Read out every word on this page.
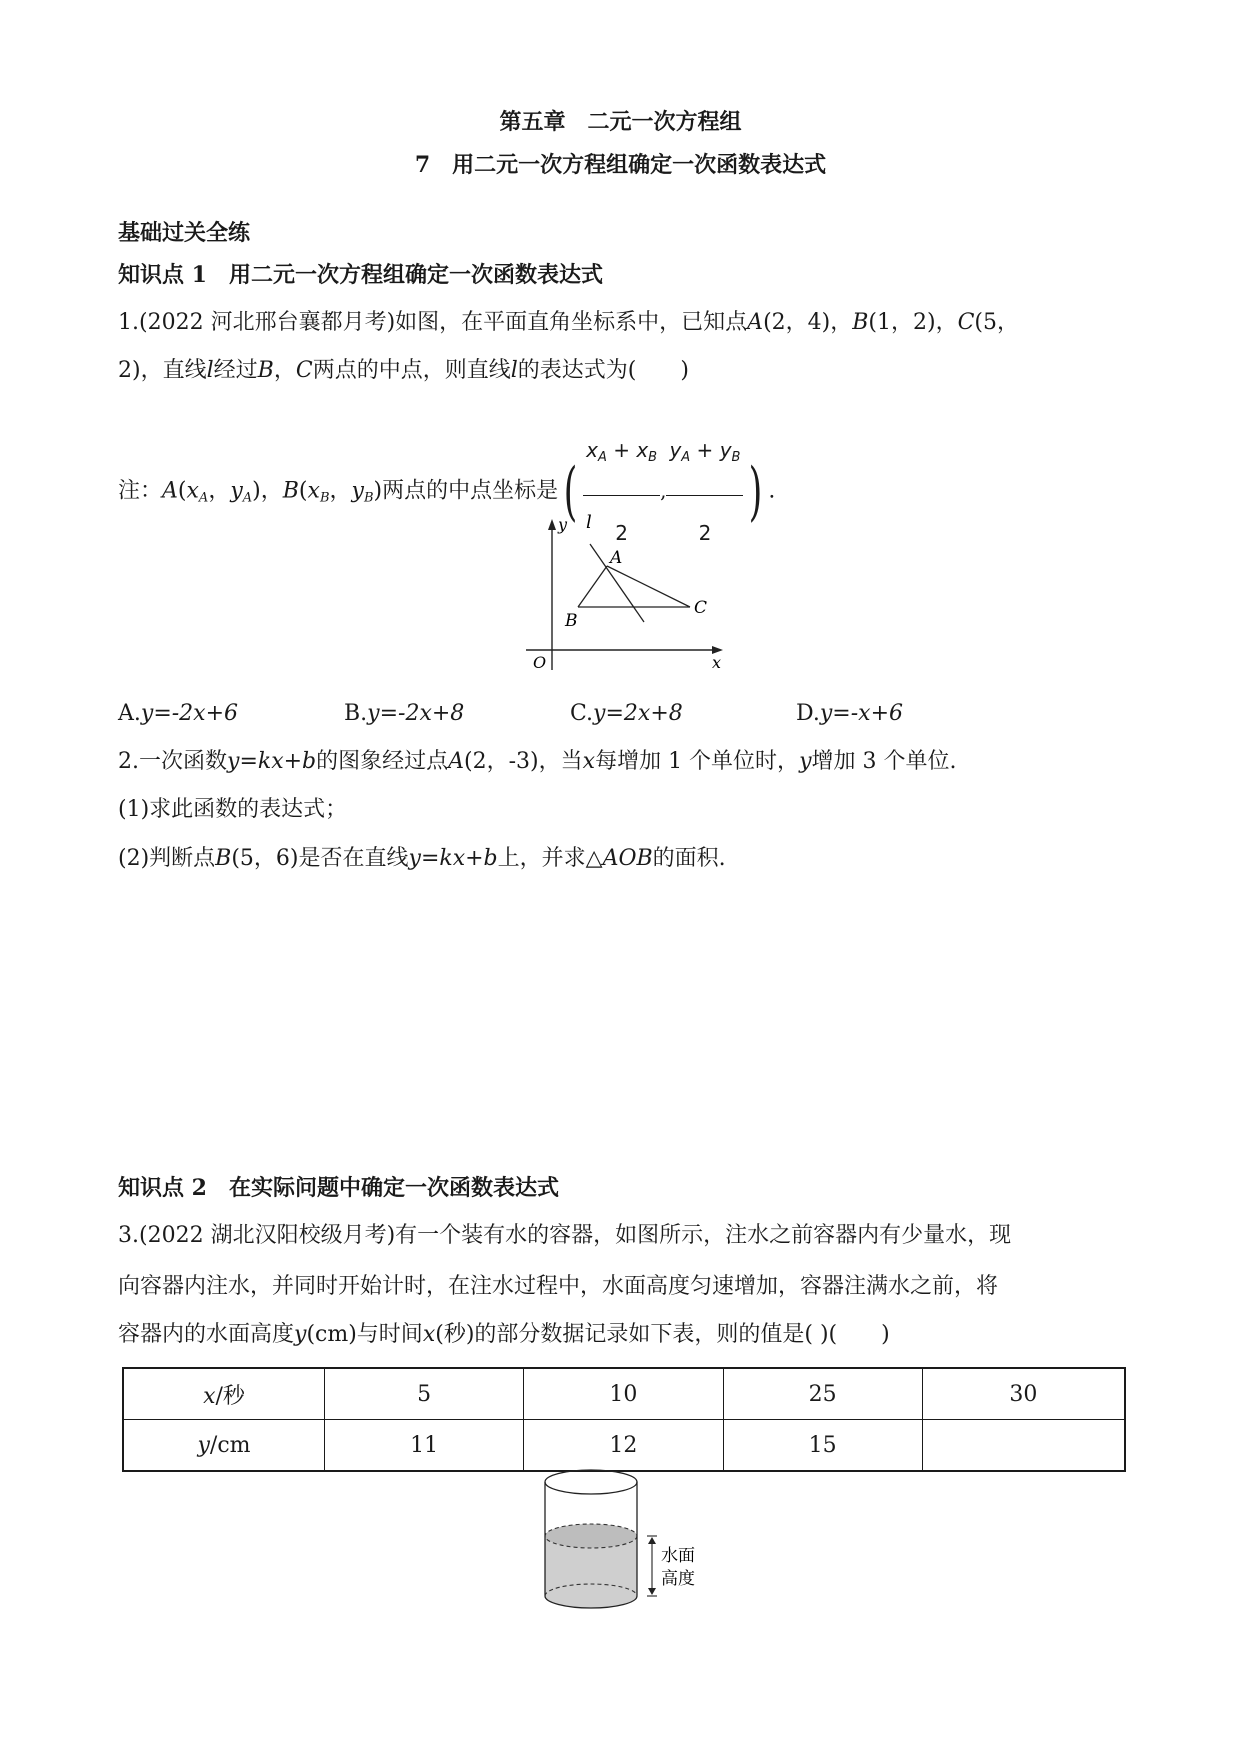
第五章　二元一次方程组
7　用二元一次方程组确定一次函数表达式
基础过关全练
知识点 1　 用二元一次方程组确定一次函数表达式
1.(2022 河北邢台襄都月考)如图，在平面直角坐标系中，已知点A(2，4)，B(1，2)，C(5，
2)，直线l经过B，C两点的中点，则直线l的表达式为(　　)
注：$A(x_A$，$y_A$)，$B(x_B$，$y_B$)两点的中点坐标是( $\frac{x_A + x_B}{2}$ , $\frac{y_A + y_B}{2}$ ) .
y l
A
B
C
O	x
A.y=-2x+6	B.y=-2x+8	C.y=2x+8	D.y=-x+6
2.一次函数y=kx+b的图象经过点A(2，-3)，当x每增加 1 个单位时，y增加 3 个单位.
(1)求此函数的表达式；
(2)判断点B(5，6)是否在直线y=kx+b上，并求△AOB的面积.
知识点 2　 在实际问题中确定一次函数表达式
3.(2022 湖北汉阳校级月考)有一个装有水的容器，如图所示，注水之前容器内有少量水，现
向容器内注水，并同时开始计时，在注水过程中，水面高度匀速增加，容器注满水之前，将
容器内的水面高度y(cm)与时间x(秒)的部分数据记录如下表，则的值是( )(　　)
x/秒	5	10	25	30
y/cm	11	12	15	
水面
高度
